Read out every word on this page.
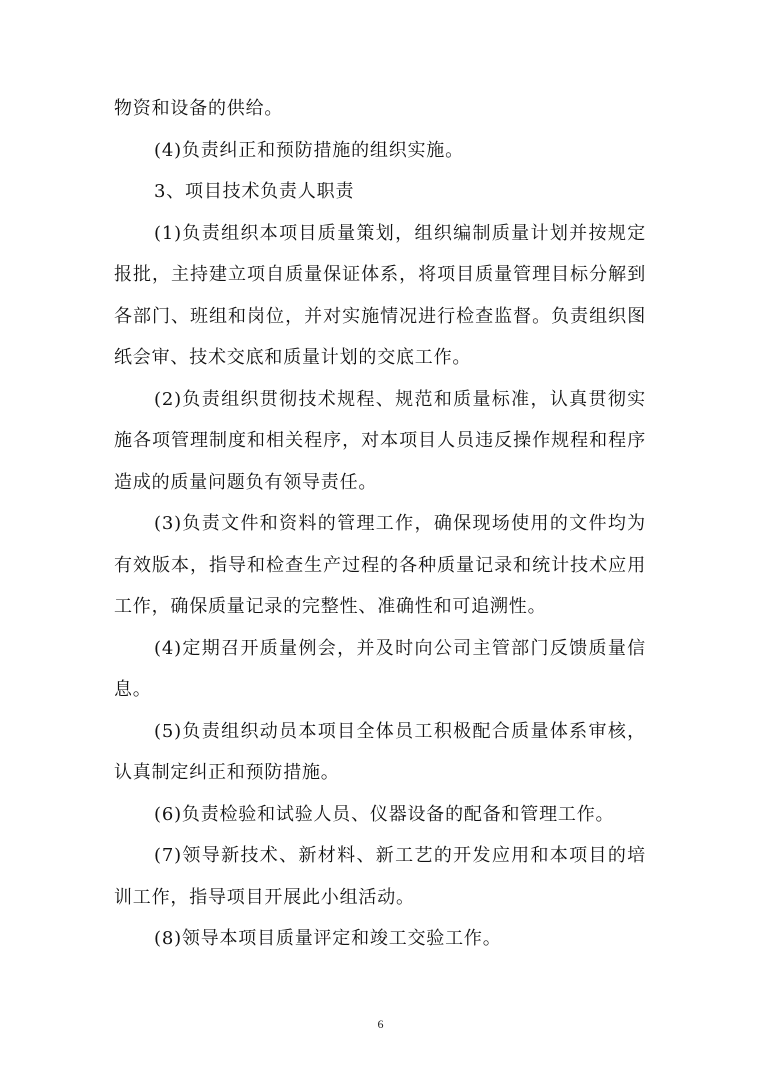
物资和设备的供给。

(4)负责纠正和预防措施的组织实施。

3、项目技术负责人职责

(1)负责组织本项目质量策划，组织编制质量计划并按规定报批，主持建立项自质量保证体系，将项目质量管理目标分解到各部门、班组和岗位，并对实施情况进行检查监督。负责组织图纸会审、技术交底和质量计划的交底工作。

(2)负责组织贯彻技术规程、规范和质量标准，认真贯彻实施各项管理制度和相关程序，对本项目人员违反操作规程和程序造成的质量问题负有领导责任。

(3)负责文件和资料的管理工作，确保现场使用的文件均为有效版本，指导和检查生产过程的各种质量记录和统计技术应用工作，确保质量记录的完整性、准确性和可追溯性。

(4)定期召开质量例会，并及时向公司主管部门反馈质量信息。

(5)负责组织动员本项目全体员工积极配合质量体系审核，认真制定纠正和预防措施。

(6)负责检验和试验人员、仪器设备的配备和管理工作。

(7)领导新技术、新材料、新工艺的开发应用和本项目的培训工作，指导项目开展此小组活动。

(8)领导本项目质量评定和竣工交验工作。

6
